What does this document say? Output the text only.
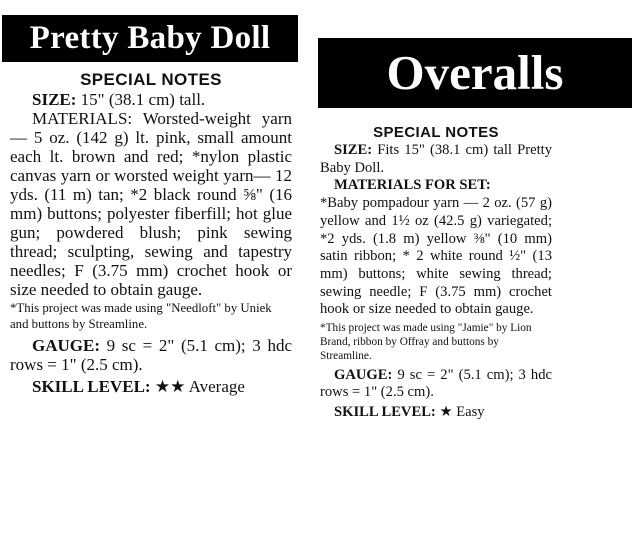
Pretty Baby Doll
SPECIAL NOTES
SIZE: 15" (38.1 cm) tall.
MATERIALS: Worsted-weight yarn — 5 oz. (142 g) lt. pink, small amount each lt. brown and red; *nylon plastic canvas yarn or worsted weight yarn— 12 yds. (11 m) tan; *2 black round ⅝" (16 mm) buttons; polyester fiberfill; hot glue gun; powdered blush; pink sewing thread; sculpting, sewing and tapestry needles; F (3.75 mm) crochet hook or size needed to obtain gauge.
*This project was made using "Needloft" by Uniek and buttons by Streamline.
GAUGE: 9 sc = 2" (5.1 cm); 3 hdc rows = 1" (2.5 cm).
SKILL LEVEL: ★★ Average
Overalls
SPECIAL NOTES
SIZE: Fits 15" (38.1 cm) tall Pretty Baby Doll.
MATERIALS FOR SET:
*Baby pompadour yarn — 2 oz. (57 g) yellow and 1½ oz (42.5 g) variegated; *2 yds. (1.8 m) yellow ⅜" (10 mm) satin ribbon; * 2 white round ½" (13 mm) buttons; white sewing thread; sewing needle; F (3.75 mm) crochet hook or size needed to obtain gauge.
*This project was made using "Jamie" by Lion Brand, ribbon by Offray and buttons by Streamline.
GAUGE: 9 sc = 2" (5.1 cm); 3 hdc rows = 1" (2.5 cm).
SKILL LEVEL: ★ Easy
